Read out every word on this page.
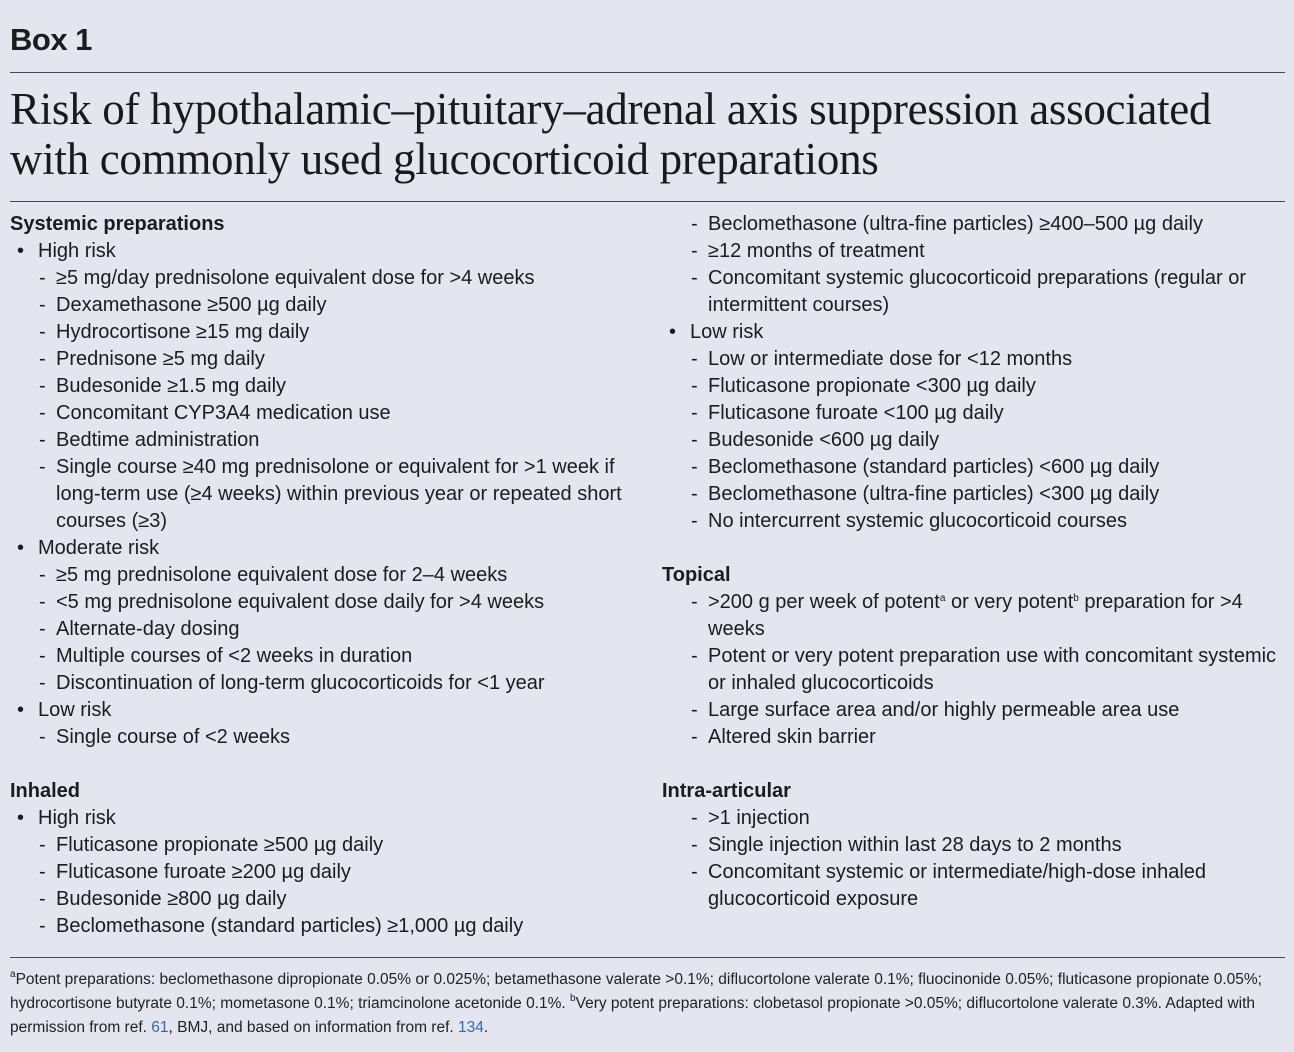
Box 1
Risk of hypothalamic–pituitary–adrenal axis suppression associated with commonly used glucocorticoid preparations
Systemic preparations
• High risk
- ≥5 mg/day prednisolone equivalent dose for >4 weeks
- Dexamethasone ≥500 µg daily
- Hydrocortisone ≥15 mg daily
- Prednisone ≥5 mg daily
- Budesonide ≥1.5 mg daily
- Concomitant CYP3A4 medication use
- Bedtime administration
- Single course ≥40 mg prednisolone or equivalent for >1 week if long-term use (≥4 weeks) within previous year or repeated short courses (≥3)
• Moderate risk
- ≥5 mg prednisolone equivalent dose for 2–4 weeks
- <5 mg prednisolone equivalent dose daily for >4 weeks
- Alternate-day dosing
- Multiple courses of <2 weeks in duration
- Discontinuation of long-term glucocorticoids for <1 year
• Low risk
- Single course of <2 weeks
Inhaled
• High risk
- Fluticasone propionate ≥500 µg daily
- Fluticasone furoate ≥200 µg daily
- Budesonide ≥800 µg daily
- Beclomethasone (standard particles) ≥1,000 µg daily
- Beclomethasone (ultra-fine particles) ≥400–500 µg daily
- ≥12 months of treatment
- Concomitant systemic glucocorticoid preparations (regular or intermittent courses)
• Low risk
- Low or intermediate dose for <12 months
- Fluticasone propionate <300 µg daily
- Fluticasone furoate <100 µg daily
- Budesonide <600 µg daily
- Beclomethasone (standard particles) <600 µg daily
- Beclomethasone (ultra-fine particles) <300 µg daily
- No intercurrent systemic glucocorticoid courses
Topical
- >200 g per week of potent$^a$ or very potent$^b$ preparation for >4 weeks
- Potent or very potent preparation use with concomitant systemic or inhaled glucocorticoids
- Large surface area and/or highly permeable area use
- Altered skin barrier
Intra-articular
- >1 injection
- Single injection within last 28 days to 2 months
- Concomitant systemic or intermediate/high-dose inhaled glucocorticoid exposure
$^a$Potent preparations: beclomethasone dipropionate 0.05% or 0.025%; betamethasone valerate >0.1%; diflucortolone valerate 0.1%; fluocinonide 0.05%; fluticasone propionate 0.05%; hydrocortisone butyrate 0.1%; mometasone 0.1%; triamcinolone acetonide 0.1%. $^b$Very potent preparations: clobetasol propionate >0.05%; diflucortolone valerate 0.3%. Adapted with permission from ref. 61, BMJ, and based on information from ref. 134.
